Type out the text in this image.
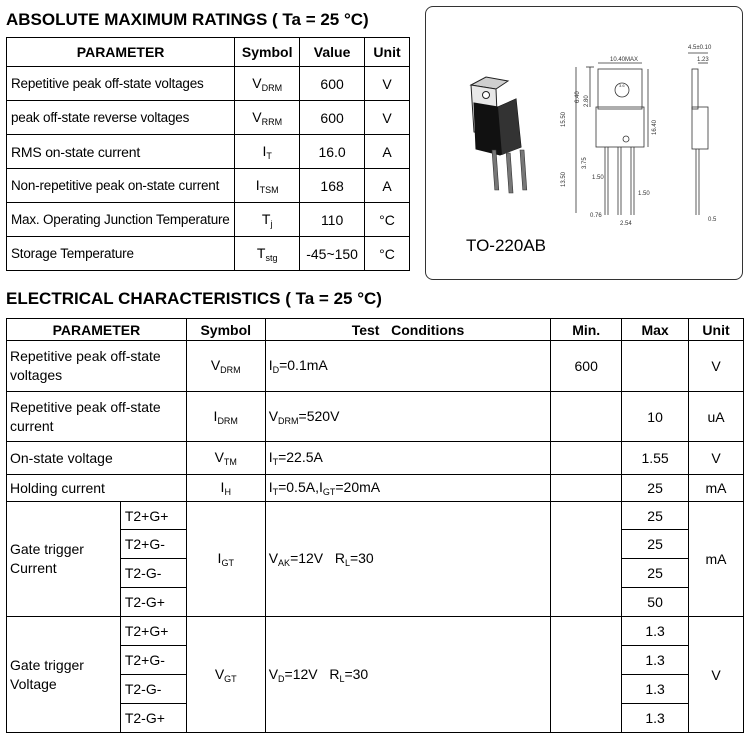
ABSOLUTE MAXIMUM RATINGS ( Ta = 25 °C)
PARAMETER	Symbol	Value	Unit
Repetitive peak off-state voltages	$V_{DRM}$	600	V
peak off-state reverse voltages	$V_{RRM}$	600	V
RMS on-state current	$I_T$	16.0	A
Non-repetitive peak on-state current	$I_{TSM}$	168	A
Max. Operating Junction Temperature	$T_j$	110	°C
Storage Temperature	$T_{stg}$	-45~150	°C
10.40MAX
4.5±0.10
1.23
6.40 2.80
15.50
16.40
13.50
3.75
1.50
1.50
0.76
2.54
0.5
3.6
TO-220AB
ELECTRICAL CHARACTERISTICS ( Ta = 25 °C)
PARAMETER		Symbol	Test   Conditions	Min.	Max	Unit
Repetitive peak off-state voltages		$V_{DRM}$	$I_D=0.1mA$	600		V
Repetitive peak off-state current		$I_{DRM}$	$V_{DRM}=520V$		10	uA
On-state voltage		$V_{TM}$	$I_T=22.5A$		1.55	V
Holding current		$I_H$	$I_T=0.5A,I_{GT}=20mA$		25	mA
Gate trigger Current	T2+G+	$I_{GT}$	$V_{AK}=12V$ $R_L=30$		25	mA
	T2+G-				25	
	T2-G-				25	
	T2-G+				50	
Gate trigger Voltage	T2+G+	$V_{GT}$	$V_D=12V$ $R_L=30$		1.3	V
	T2+G-				1.3	
	T2-G-				1.3	
	T2-G+				1.3	
